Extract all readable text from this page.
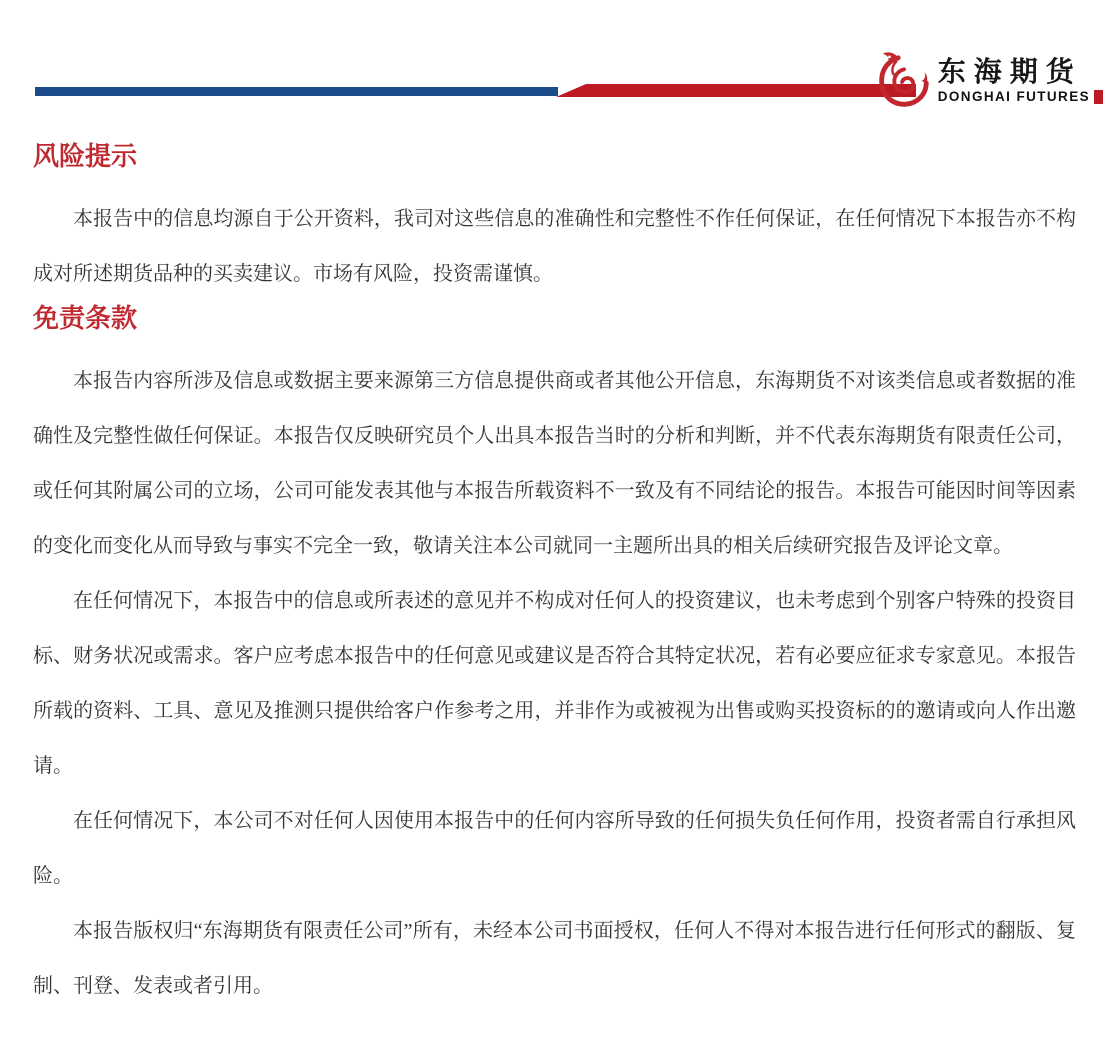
东海期货
DONGHAI FUTURES
风险提示

本报告中的信息均源自于公开资料，我司对这些信息的准确性和完整性不作任何保证，在任何情况下本报告亦不构成对所述期货品种的买卖建议。市场有风险，投资需谨慎。

免责条款

本报告内容所涉及信息或数据主要来源第三方信息提供商或者其他公开信息，东海期货不对该类信息或者数据的准确性及完整性做任何保证。本报告仅反映研究员个人出具本报告当时的分析和判断，并不代表东海期货有限责任公司，或任何其附属公司的立场，公司可能发表其他与本报告所载资料不一致及有不同结论的报告。本报告可能因时间等因素的变化而变化从而导致与事实不完全一致，敬请关注本公司就同一主题所出具的相关后续研究报告及评论文章。

在任何情况下，本报告中的信息或所表述的意见并不构成对任何人的投资建议，也未考虑到个别客户特殊的投资目标、财务状况或需求。客户应考虑本报告中的任何意见或建议是否符合其特定状况，若有必要应征求专家意见。本报告所载的资料、工具、意见及推测只提供给客户作参考之用，并非作为或被视为出售或购买投资标的的邀请或向人作出邀请。

在任何情况下，本公司不对任何人因使用本报告中的任何内容所导致的任何损失负任何作用，投资者需自行承担风险。

本报告版权归“东海期货有限责任公司”所有，未经本公司书面授权，任何人不得对本报告进行任何形式的翻版、复制、刊登、发表或者引用。
